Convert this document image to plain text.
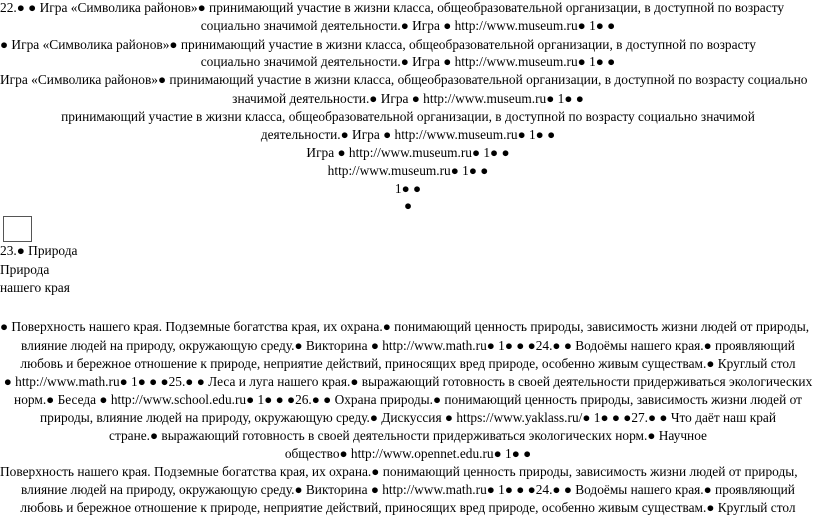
22.● ● Игра «Символика районов»● принимающий участие в жизни класса, общеобразовательной организации, в доступной по возрасту
социально значимой деятельности.● Игра ● http://www.museum.ru● 1● ●
● Игра «Символика районов»● принимающий участие в жизни класса, общеобразовательной организации, в доступной по возрасту
социально значимой деятельности.● Игра ● http://www.museum.ru● 1● ●
Игра «Символика районов»● принимающий участие в жизни класса, общеобразовательной организации, в доступной по возрасту социально
значимой деятельности.● Игра ● http://www.museum.ru● 1● ●
принимающий участие в жизни класса, общеобразовательной организации, в доступной по возрасту социально значимой
деятельности.● Игра ● http://www.museum.ru● 1● ●
Игра ● http://www.museum.ru● 1● ●
http://www.museum.ru● 1● ●
1● ●
●
23.● Природа
Природа
нашего края
● Поверхность нашего края. Подземные богатства края, их охрана.● понимающий ценность природы, зависимость жизни людей от природы,
влияние людей на природу, окружающую среду.● Викторина ● http://www.math.ru● 1● ● ●24.● ● Водоёмы нашего края.● проявляющий
любовь и бережное отношение к природе, неприятие действий, приносящих вред природе, особенно живым существам.● Круглый стол
● http://www.math.ru● 1● ● ●25.● ● Леса и луга нашего края.● выражающий готовность в своей деятельности придерживаться экологических
норм.● Беседа ● http://www.school.edu.ru● 1● ● ●26.● ● Охрана природы.● понимающий ценность природы, зависимость жизни людей от
природы, влияние людей на природу, окружающую среду.● Дискуссия ● https://www.yaklass.ru/● 1● ● ●27.● ● Что даёт наш край
стране.● выражающий готовность в своей деятельности придерживаться экологических норм.● Научное
общество● http://www.opennet.edu.ru● 1● ●
Поверхность нашего края. Подземные богатства края, их охрана.● понимающий ценность природы, зависимость жизни людей от природы,
влияние людей на природу, окружающую среду.● Викторина ● http://www.math.ru● 1● ● ●24.● ● Водоёмы нашего края.● проявляющий
любовь и бережное отношение к природе, неприятие действий, приносящих вред природе, особенно живым существам.● Круглый стол
